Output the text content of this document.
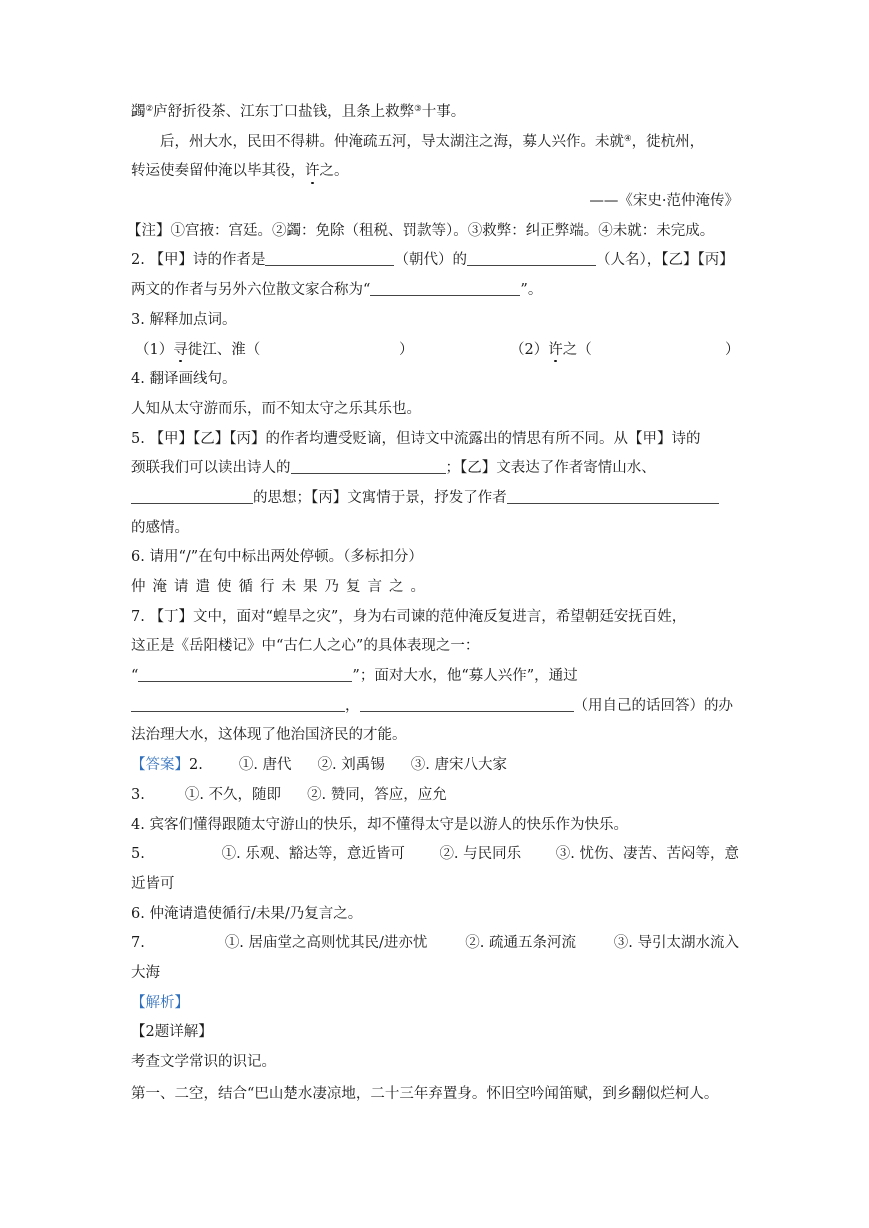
蠲②庐舒折役茶、江东丁口盐钱，且条上救弊③十事。
后，州大水，民田不得耕。仲淹疏五河，导太湖注之海，募人兴作。未就④，徙杭州，
转运使奏留仲淹以毕其役，许之。
——《宋史·范仲淹传》
【注】①宫掖：宫廷。②蠲：免除（租税、罚款等）。③救弊：纠正弊端。④未就：未完成。
2. 【甲】诗的作者是	（朝代）的	（人名），【乙】【丙】
两文的作者与另外六位散文家合称为“	”。
3. 解释加点词。
（1）寻徙江、淮（	）	（2）许之（	）
4. 翻译画线句。
人知从太守游而乐，而不知太守之乐其乐也。
5. 【甲】【乙】【丙】的作者均遭受贬谪，但诗文中流露出的情思有所不同。从【甲】诗的
颈联我们可以读出诗人的	；【乙】文表达了作者寄情山水、
的思想；【丙】文寓情于景，抒发了作者
的感情。
6. 请用“/”在句中标出两处停顿。（多标扣分）
仲 淹 请 遣 使 循 行 未 果 乃 复 言 之 。
7. 【丁】文中，面对“蝗旱之灾”，身为右司谏的范仲淹反复进言，希望朝廷安抚百姓，
这正是《岳阳楼记》中“古仁人之心”的具体表现之一：
“	”；面对大水，他“募人兴作”，通过
，	（用自己的话回答）的办
法治理大水，这体现了他治国济民的才能。
【答案】2. ①. 唐代 ②. 刘禹锡 ③. 唐宋八大家
3.	①. 不久，随即 ②. 赞同，答应，应允
4. 宾客们懂得跟随太守游山的快乐，却不懂得太守是以游人的快乐作为快乐。
5.	①. 乐观、豁达等，意近皆可 ②. 与民同乐 ③. 忧伤、凄苦、苦闷等，意
近皆可
6. 仲淹请遣使循行/未果/乃复言之。
7.	①. 居庙堂之高则忧其民/进亦忧	②. 疏通五条河流	③. 导引太湖水流入
大海
【解析】
【2题详解】
考查文学常识的识记。
第一、二空，结合“巴山楚水凄凉地，二十三年弃置身。怀旧空吟闻笛赋，到乡翻似烂柯人。
